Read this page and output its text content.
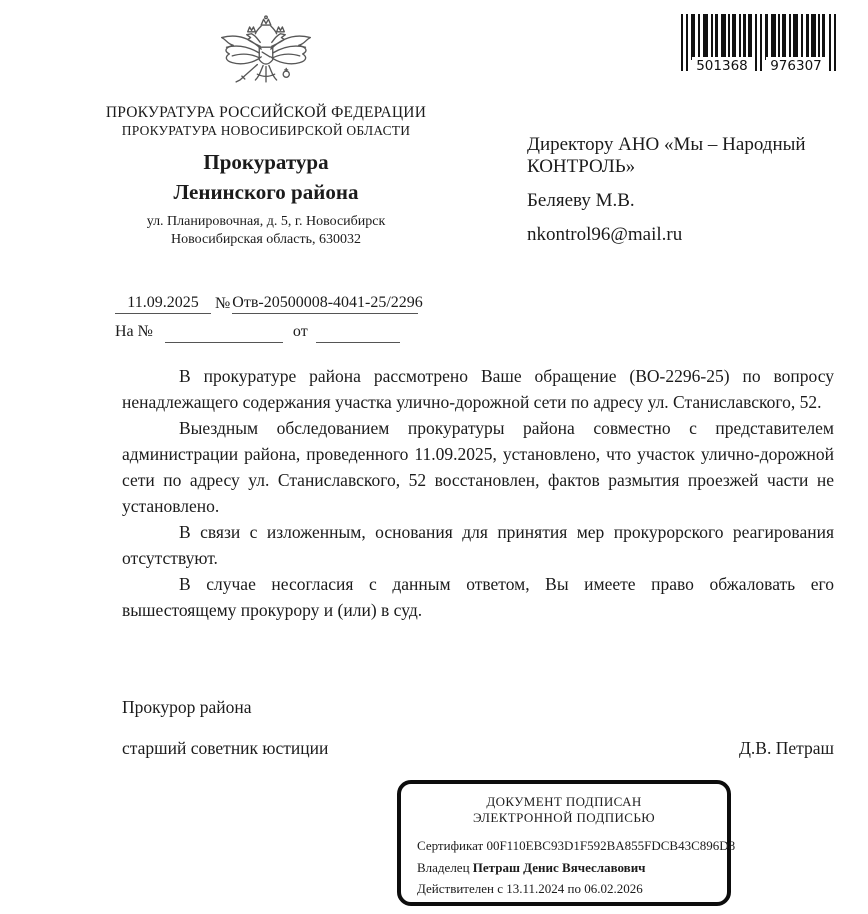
ПРОКУРАТУРА РОССИЙСКОЙ ФЕДЕРАЦИИ
ПРОКУРАТУРА НОВОСИБИРСКОЙ ОБЛАСТИ
Прокуратура
Ленинского района
ул. Планировочная, д. 5, г. Новосибирск
Новосибирская область, 630032
501368 976307
Директору АНО «Мы – Народный КОНТРОЛЬ»
Беляеву М.В.
nkontrol96@mail.ru
11.09.2025	№ Отв-20500008-4041-25/2296
На №	от

В прокуратуре района рассмотрено Ваше обращение (ВО-2296-25) по вопросу ненадлежащего содержания участка улично-дорожной сети по адресу ул. Станиславского, 52.

Выездным обследованием прокуратуры района совместно с представителем администрации района, проведенного 11.09.2025, установлено, что участок улично-дорожной сети по адресу ул. Станиславского, 52 восстановлен, фактов размытия проезжей части не установлено.

В связи с изложенным, основания для принятия мер прокурорского реагирования отсутствуют.

В случае несогласия с данным ответом, Вы имеете право обжаловать его вышестоящему прокурору и (или) в суд.

Прокурор района
старший советник юстиции	Д.В. Петраш
ДОКУМЕНТ ПОДПИСАН
ЭЛЕКТРОННОЙ ПОДПИСЬЮ
Сертификат 00F110EBC93D1F592BA855FDCB43C896D8
Владелец Петраш Денис Вячеславович
Действителен с 13.11.2024 по 06.02.2026
